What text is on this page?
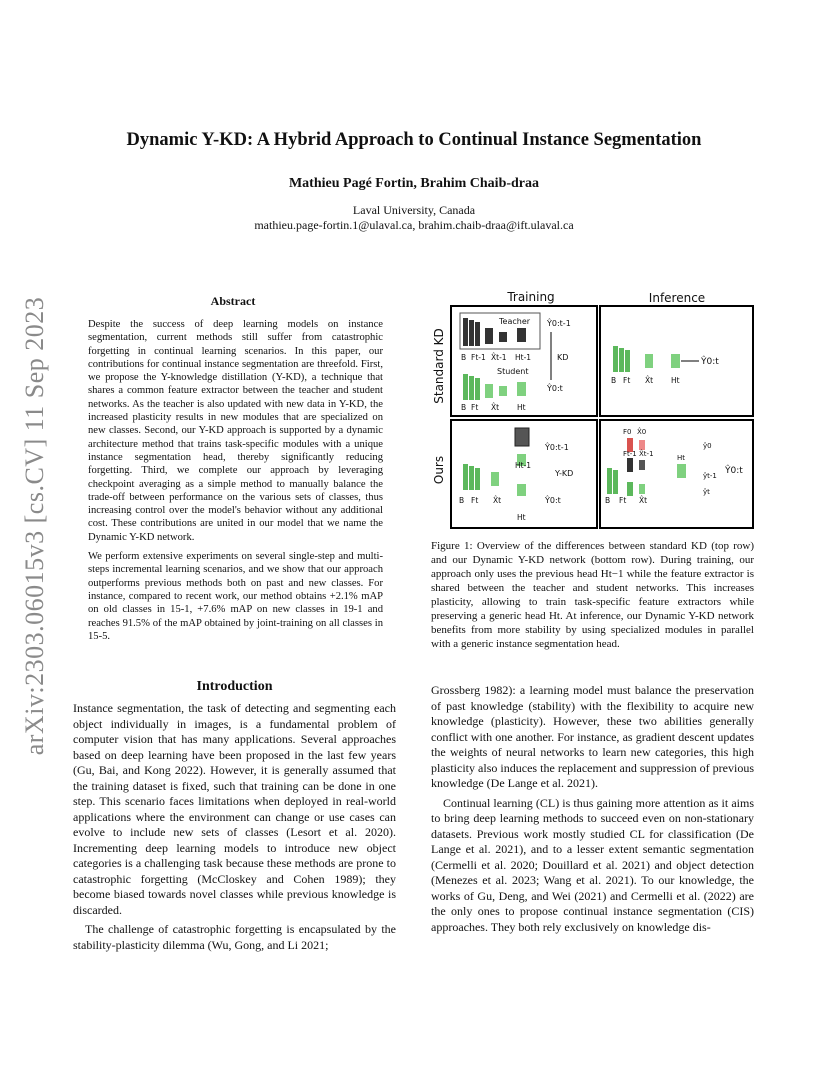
arXiv:2303.06015v3 [cs.CV] 11 Sep 2023
Dynamic Y-KD: A Hybrid Approach to Continual Instance Segmentation
Mathieu Pagé Fortin, Brahim Chaib-draa
Laval University, Canada
mathieu.page-fortin.1@ulaval.ca, brahim.chaib-draa@ift.ulaval.ca
Abstract

Despite the success of deep learning models on instance segmentation, current methods still suffer from catastrophic forgetting in continual learning scenarios. In this paper, our contributions for continual instance segmentation are threefold. First, we propose the Y-knowledge distillation (Y-KD), a technique that shares a common feature extractor between the teacher and student networks. As the teacher is also updated with new data in Y-KD, the increased plasticity results in new modules that are specialized on new classes. Second, our Y-KD approach is supported by a dynamic architecture method that trains task-specific modules with a unique instance segmentation head, thereby significantly reducing forgetting. Third, we complete our approach by leveraging checkpoint averaging as a simple method to manually balance the trade-off between performance on the various sets of classes, thus increasing control over the model's behavior without any additional cost. These contributions are united in our model that we name the Dynamic Y-KD network.

We perform extensive experiments on several single-step and multi-steps incremental learning scenarios, and we show that our approach outperforms previous methods both on past and new classes. For instance, compared to recent work, our method obtains +2.1% mAP on old classes in 15-1, +7.6% mAP on new classes in 19-1 and reaches 91.5% of the mAP obtained by joint-training on all classes in 15-5.

Training	Inference
Standard KD
Ours
Teacher Ŷ0:t-1
B Ft-1 X̂t-1 Ht-1	KD
Student
Ŷ0:t
B Ft X̂t Ht
Ŷ0:t
B Ft X̂t Ht
Ŷ0:t-1
Ht-1
Y-KD
Ŷ0:t
B Ft X̂t
Ht
F0 X̂0
Ft-1 X̂t-1	Ht
ŷ0
ŷt-1
ŷt
Ŷ0:t
B Ft X̂t
Figure 1: Overview of the differences between standard KD (top row) and our Dynamic Y-KD network (bottom row). During training, our approach only uses the previous head Ht−1 while the feature extractor is shared between the teacher and student networks. This increases plasticity, allowing to train task-specific feature extractors while preserving a generic head Ht. At inference, our Dynamic Y-KD network benefits from more stability by using specialized modules in parallel with a generic instance segmentation head.
Introduction

Instance segmentation, the task of detecting and segmenting each object individually in images, is a fundamental problem of computer vision that has many applications. Several approaches based on deep learning have been proposed in the last few years (Gu, Bai, and Kong 2022). However, it is generally assumed that the training dataset is fixed, such that training can be done in one step. This scenario faces limitations when deployed in real-world applications where the environment can change or use cases can evolve to include new sets of classes (Lesort et al. 2020). Incrementing deep learning models to introduce new object categories is a challenging task because these methods are prone to catastrophic forgetting (McCloskey and Cohen 1989); they become biased towards novel classes while previous knowledge is discarded.

The challenge of catastrophic forgetting is encapsulated by the stability-plasticity dilemma (Wu, Gong, and Li 2021;

Grossberg 1982): a learning model must balance the preservation of past knowledge (stability) with the flexibility to acquire new knowledge (plasticity). However, these two abilities generally conflict with one another. For instance, as gradient descent updates the weights of neural networks to learn new categories, this high plasticity also induces the replacement and suppression of previous knowledge (De Lange et al. 2021).

Continual learning (CL) is thus gaining more attention as it aims to bring deep learning methods to succeed even on non-stationary datasets. Previous work mostly studied CL for classification (De Lange et al. 2021), and to a lesser extent semantic segmentation (Cermelli et al. 2020; Douillard et al. 2021) and object detection (Menezes et al. 2023; Wang et al. 2021). To our knowledge, the works of Gu, Deng, and Wei (2021) and Cermelli et al. (2022) are the only ones to propose continual instance segmentation (CIS) approaches. They both rely exclusively on knowledge dis-
